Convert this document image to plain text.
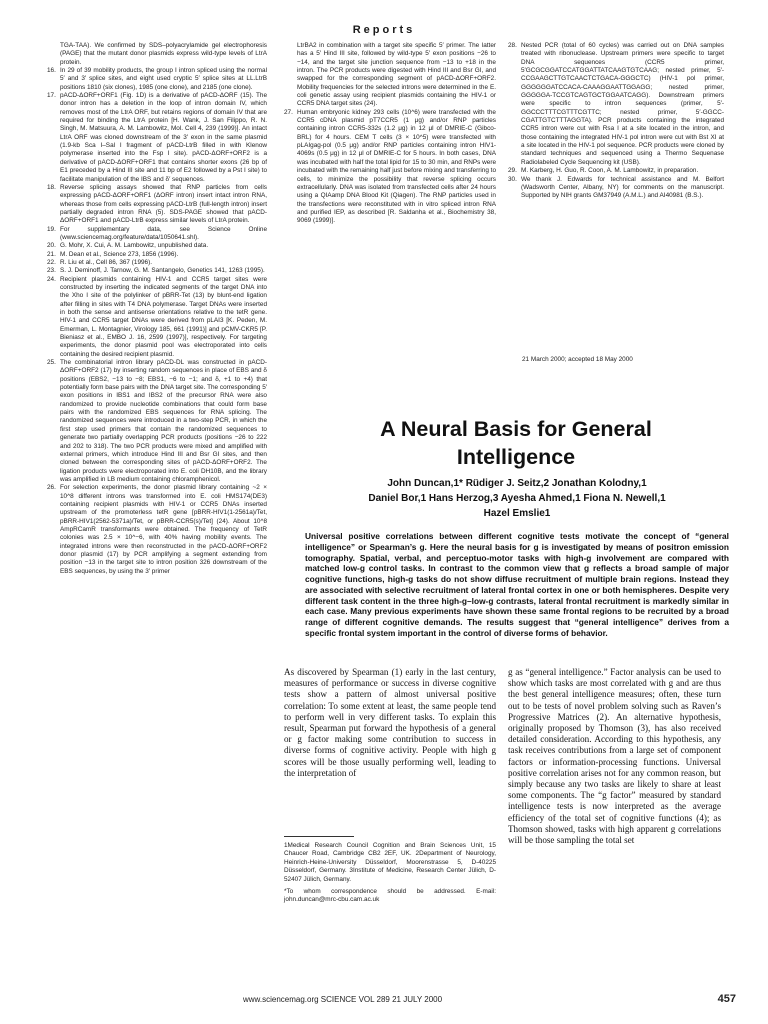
Reports
TGA-TAA). We confirmed by SDS–polyacrylamide gel electrophoresis (PAGE) that the mutant donor plasmids express wild-type levels of LtrA protein.
16. In 29 of 39 mobility products, the group I intron spliced using the normal 5′ and 3′ splice sites, and eight used cryptic 5′ splice sites at LL.LtrB positions 1810 (six clones), 1985 (one clone), and 2185 (one clone).
17. pACD-ΔORF+ORF1 (Fig. 1D) is a derivative of pACD-ΔORF (15). The donor intron has a deletion in the loop of intron domain IV, which removes most of the LtrA ORF, but retains regions of domain IV that are required for binding the LtrA protein [H. Wank, J. San Filippo, R. N. Singh, M. Matsuura, A. M. Lambowitz, Mol. Cell 4, 239 (1999)]. An intact LtrA ORF was cloned downstream of the 3′ exon in the same plasmid (1.9-kb Sca I–Sal I fragment of pACD-LtrB filled in with Klenow polymerase inserted into the Fsp I site). pACD-ΔORF+ORF2 is a derivative of pACD-ΔORF+ORF1 that contains shorter exons (26 bp of E1 preceded by a Hind III site and 11 bp of E2 followed by a Pst I site) to facilitate manipulation of the IBS and δ′ sequences.
18. Reverse splicing assays showed that RNP particles from cells expressing pACD-ΔORF+ORF1 (ΔORF intron) insert intact intron RNA, whereas those from cells expressing pACD-LtrB (full-length intron) insert partially degraded intron RNA (5). SDS-PAGE showed that pACD-ΔORF+ORF1 and pACD-LtrB express similar levels of LtrA protein.
19. For supplementary data, see Science Online (www.sciencemag.org/feature/data/1050641.shl).
20. G. Mohr, X. Cui, A. M. Lambowitz, unpublished data.
21. M. Dean et al., Science 273, 1856 (1996).
22. R. Liu et al., Cell 86, 367 (1996).
23. S. J. Deminoff, J. Tarnow, G. M. Santangelo, Genetics 141, 1263 (1995).
24. Recipient plasmids containing HIV-1 and CCR5 target sites were constructed by inserting the indicated segments of the target DNA into the Xho I site of the polylinker of pBRR-Tet (13) by blunt-end ligation after filling in sites with T4 DNA polymerase. Target DNAs were inserted in both the sense and antisense orientations relative to the tetR gene. HIV-1 and CCR5 target DNAs were derived from pLAI3 [K. Peden, M. Emerman, L. Montagnier, Virology 185, 661 (1991)] and pCMV-CKR5 [P. Bieniasz et al., EMBO J. 16, 2599 (1997)], respectively. For targeting experiments, the donor plasmid pool was electroporated into cells containing the desired recipient plasmid.
25. The combinatorial intron library pACD-DL was constructed in pACD-ΔORF+ORF2 (17) by inserting random sequences in place of EBS and δ positions (EBS2, −13 to −8; EBS1, −6 to −1; and δ, +1 to +4) that potentially form base pairs with the DNA target site. The corresponding 5′ exon positions in IBS1 and IBS2 of the precursor RNA were also randomized to provide nucleotide combinations that could form base pairs with the randomized EBS sequences for RNA splicing. The randomized sequences were introduced in a two-step PCR, in which the first step used primers that contain the randomized sequences to generate two partially overlapping PCR products (positions −26 to 222 and 202 to 318). The two PCR products were mixed and amplified with external primers, which introduce Hind III and Bsr GI sites, and then cloned between the corresponding sites of pACD-ΔORF+ORF2. The ligation products were electroporated into E. coli DH10B, and the library was amplified in LB medium containing chloramphenicol.
26. For selection experiments, the donor plasmid library containing ~2 × 10^8 different introns was transformed into E. coli HMS174(DE3) containing recipient plasmids with HIV-1 or CCR5 DNAs inserted upstream of the promoterless tetR gene [pBRR-HIV1(1-2561a)/Tet, pBRR-HIV1(2562-5371a)/Tet, or pBRR-CCR5(s)/Tet] (24). About 10^8 AmpRCamR transformants were obtained. The frequency of TetR colonies was 2.5 × 10^−6, with 40% having mobility events. The integrated introns were then reconstructed in the pACD-ΔORF+ORF2 donor plasmid (17) by PCR amplifying a segment extending from position −13 in the target site to intron position 326 downstream of the EBS sequences, by using the 3′ primer
LtrBA2 in combination with a target site specific 5′ primer. The latter has a 5′ Hind III site, followed by wild-type 5′ exon positions −26 to −14, and the target site junction sequence from −13 to +18 in the intron. The PCR products were digested with Hind III and Bsr GI, and swapped for the corresponding segment of pACD-ΔORF+ORF2. Mobility frequencies for the selected introns were determined in the E. coli genetic assay using recipient plasmids containing the HIV-1 or CCR5 DNA target sites (24).
27. Human embryonic kidney 293 cells (10^6) were transfected with the CCR5 cDNA plasmid pT7CCR5 (1 μg) and/or RNP particles containing intron CCR5-332s (1.2 μg) in 12 μl of DMRIE-C (Gibco-BRL) for 4 hours. CEM T cells (3 × 10^5) were transfected with pLAIgag-pol (0.5 μg) and/or RNP particles containing intron HIV1-4069s (0.5 μg) in 12 μl of DMRIE-C for 5 hours. In both cases, DNA was incubated with half the total lipid for 15 to 30 min, and RNPs were incubated with the remaining half just before mixing and transferring to cells, to minimize the possibility that reverse splicing occurs extracellularly. DNA was isolated from transfected cells after 24 hours using a QIAamp DNA Blood Kit (Qiagen). The RNP particles used in the transfections were reconstituted with in vitro spliced intron RNA and purified IEP, as described [R. Saldanha et al., Biochemistry 38, 9069 (1999)].
28. Nested PCR (total of 60 cycles) was carried out on DNA samples treated with ribonuclease. Upstream primers were specific to target DNA sequences (CCR5 primer, 5′GCGCGGATCCATGGATTATCAAGTGTCAAG; nested primer, 5′-CCGAAGCTTGTCAACTCTGACA-GGGCTC) (HIV-1 pol primer, GGGGGGATCCACA-CAAAGGAATTGGAGG; nested primer, GGGGGA-TCCGTCAGTGCTGGAATCAGG). Downstream primers were specific to intron sequences (primer, 5′-GGCCCTTTCGTTTCGTTC; nested primer, 5′-GGCC-CGATTGTCTTTAGGTA). PCR products containing the integrated CCR5 intron were cut with Rsa I at a site located in the intron, and those containing the integrated HIV-1 pol intron were cut with Bst XI at a site located in the HIV-1 pol sequence. PCR products were cloned by standard techniques and sequenced using a Thermo Sequenase Radiolabeled Cycle Sequencing kit (USB).
29. M. Karberg, H. Guo, R. Coon, A. M. Lambowitz, in preparation.
30. We thank J. Edwards for technical assistance and M. Belfort (Wadsworth Center, Albany, NY) for comments on the manuscript. Supported by NIH grants GM37949 (A.M.L.) and AI40981 (B.S.).
21 March 2000; accepted 18 May 2000
A Neural Basis for General
Intelligence
John Duncan,1* Rüdiger J. Seitz,2 Jonathan Kolodny,1
Daniel Bor,1 Hans Herzog,3 Ayesha Ahmed,1 Fiona N. Newell,1
Hazel Emslie1
Universal positive correlations between different cognitive tests motivate the concept of “general intelligence” or Spearman’s g. Here the neural basis for g is investigated by means of positron emission tomography. Spatial, verbal, and perceptuo-motor tasks with high-g involvement are compared with matched low-g control tasks. In contrast to the common view that g reflects a broad sample of major cognitive functions, high-g tasks do not show diffuse recruitment of multiple brain regions. Instead they are associated with selective recruitment of lateral frontal cortex in one or both hemispheres. Despite very different task content in the three high-g–low-g contrasts, lateral frontal recruitment is markedly similar in each case. Many previous experiments have shown these same frontal regions to be recruited by a broad range of different cognitive demands. The results suggest that “general intelligence” derives from a specific frontal system important in the control of diverse forms of behavior.
As discovered by Spearman (1) early in the last century, measures of performance or success in diverse cognitive tests show a pattern of almost universal positive correlation: To some extent at least, the same people tend to perform well in very different tasks. To explain this result, Spearman put forward the hypothesis of a general or g factor making some contribution to success in diverse forms of cognitive activity. People with high g scores will be those usually performing well, leading to the interpretation of
g as “general intelligence.” Factor analysis can be used to show which tasks are most correlated with g and are thus the best general intelligence measures; often, these turn out to be tests of novel problem solving such as Raven’s Progressive Matrices (2). An alternative hypothesis, originally proposed by Thomson (3), has also received detailed consideration. According to this hypothesis, any task receives contributions from a large set of component factors or information-processing functions. Universal positive correlation arises not for any common reason, but simply because any two tasks are likely to share at least some components. The “g factor” measured by standard intelligence tests is now interpreted as the average efficiency of the total set of cognitive functions (4); as Thomson showed, tasks with high apparent g correlations will be those sampling the total set

1Medical Research Council Cognition and Brain Sciences Unit, 15 Chaucer Road, Cambridge CB2 2EF, UK. 2Department of Neurology, Heinrich-Heine-University Düsseldorf, Moorenstrasse 5, D-40225 Düsseldorf, Germany. 3Institute of Medicine, Research Center Jülich, D-52407 Jülich, Germany.

*To whom correspondence should be addressed. E-mail: john.duncan@mrc-cbu.cam.ac.uk

www.sciencemag.org SCIENCE VOL 289 21 JULY 2000	457
